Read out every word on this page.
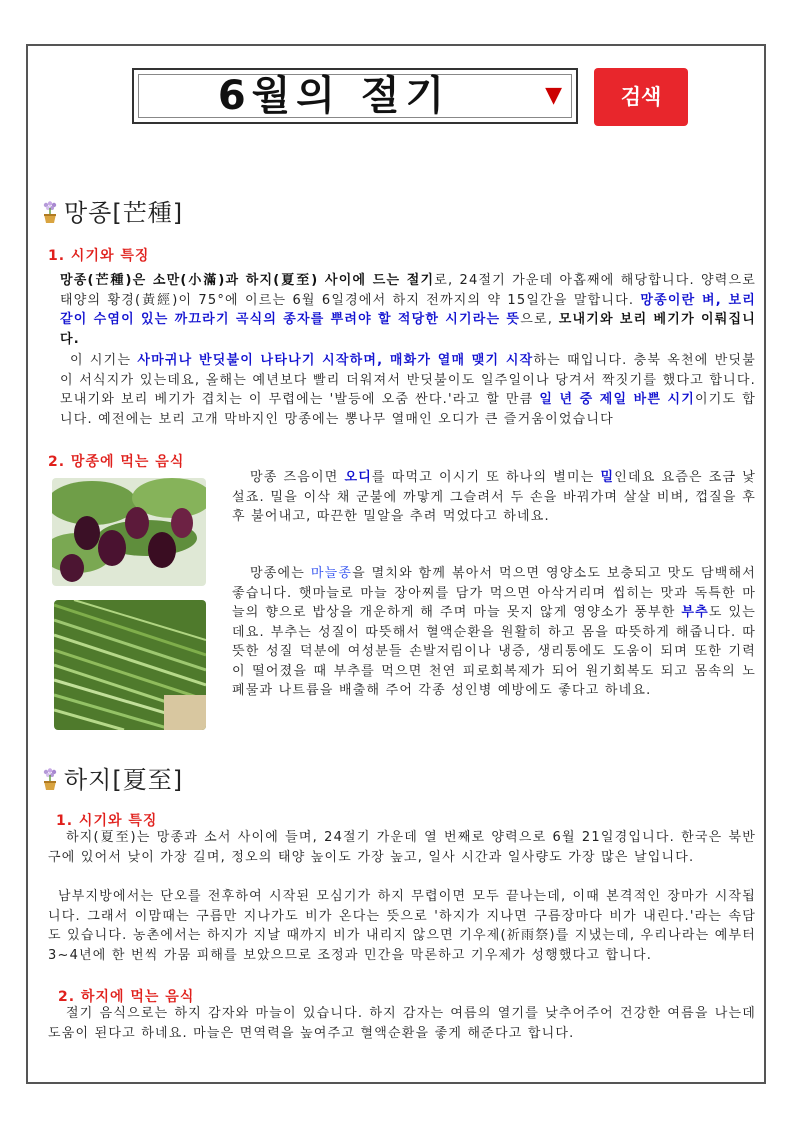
6월의 절기	▼	검색
망종[芒種]
1. 시기와 특징

망종(芒種)은 소만(小滿)과 하지(夏至) 사이에 드는 절기로, 24절기 가운데 아홉째에 해당합니다. 양력으로 태양의 황경(黃經)이 75°에 이르는 6월 6일경에서 하지 전까지의 약 15일간을 말합니다. 망종이란 벼, 보리 같이 수염이 있는 까끄라기 곡식의 종자를 뿌려야 할 적당한 시기라는 뜻으로, 모내기와 보리 베기가 이뤄집니다.

이 시기는 사마귀나 반딧불이 나타나기 시작하며, 매화가 열매 맺기 시작하는 때입니다. 충북 옥천에 반딧불이 서식지가 있는데요, 올해는 예년보다 빨리 더워져서 반딧불이도 일주일이나 당겨서 짝짓기를 했다고 합니다. 모내기와 보리 베기가 겹치는 이 무렵에는 '발등에 오줌 싼다.'라고 할 만큼 일 년 중 제일 바쁜 시기이기도 합니다. 예전에는 보리 고개 막바지인 망종에는 뽕나무 열매인 오디가 큰 즐거움이었습니다

2. 망종에 먹는 음식

망종 즈음이면 오디를 따먹고 이시기 또 하나의 별미는 밀인데요 요즘은 조금 낯설죠. 밀을 이삭 채 군불에 까맣게 그슬려서 두 손을 바꿔가며 살살 비벼, 껍질을 후후 불어내고, 따끈한 밀알을 추려 먹었다고 하네요.

망종에는 마늘종을 멸치와 함께 볶아서 먹으면 영양소도 보충되고 맛도 담백해서 좋습니다. 햇마늘로 마늘 장아찌를 담가 먹으면 아삭거리며 씹히는 맛과 독특한 마늘의 향으로 밥상을 개운하게 해 주며 마늘 못지 않게 영양소가 풍부한 부추도 있는데요. 부추는 성질이 따뜻해서 혈액순환을 원활히 하고 몸을 따뜻하게 해줍니다. 따뜻한 성질 덕분에 여성분들 손발저림이나 냉증, 생리통에도 도움이 되며 또한 기력이 떨어졌을 때 부추를 먹으면 천연 피로회복제가 되어 원기회복도 되고 몸속의 노폐물과 나트륨을 배출해 주어 각종 성인병 예방에도 좋다고 하네요.

하지[夏至]
1. 시기와 특징

하지(夏至)는 망종과 소서 사이에 들며, 24절기 가운데 열 번째로 양력으로 6월 21일경입니다. 한국은 북반구에 있어서 낮이 가장 길며, 정오의 태양 높이도 가장 높고, 일사 시간과 일사량도 가장 많은 날입니다.

남부지방에서는 단오를 전후하여 시작된 모심기가 하지 무렵이면 모두 끝나는데, 이때 본격적인 장마가 시작됩니다. 그래서 이맘때는 구름만 지나가도 비가 온다는 뜻으로 '하지가 지나면 구름장마다 비가 내린다.'라는 속담도 있습니다. 농촌에서는 하지가 지날 때까지 비가 내리지 않으면 기우제(祈雨祭)를 지냈는데, 우리나라는 예부터 3~4년에 한 번씩 가뭄 피해를 보았으므로 조정과 민간을 막론하고 기우제가 성행했다고 합니다.

2. 하지에 먹는 음식

절기 음식으로는 하지 감자와 마늘이 있습니다. 하지 감자는 여름의 열기를 낮추어주어 건강한 여름을 나는데 도움이 된다고 하네요. 마늘은 면역력을 높여주고 혈액순환을 좋게 해준다고 합니다.
